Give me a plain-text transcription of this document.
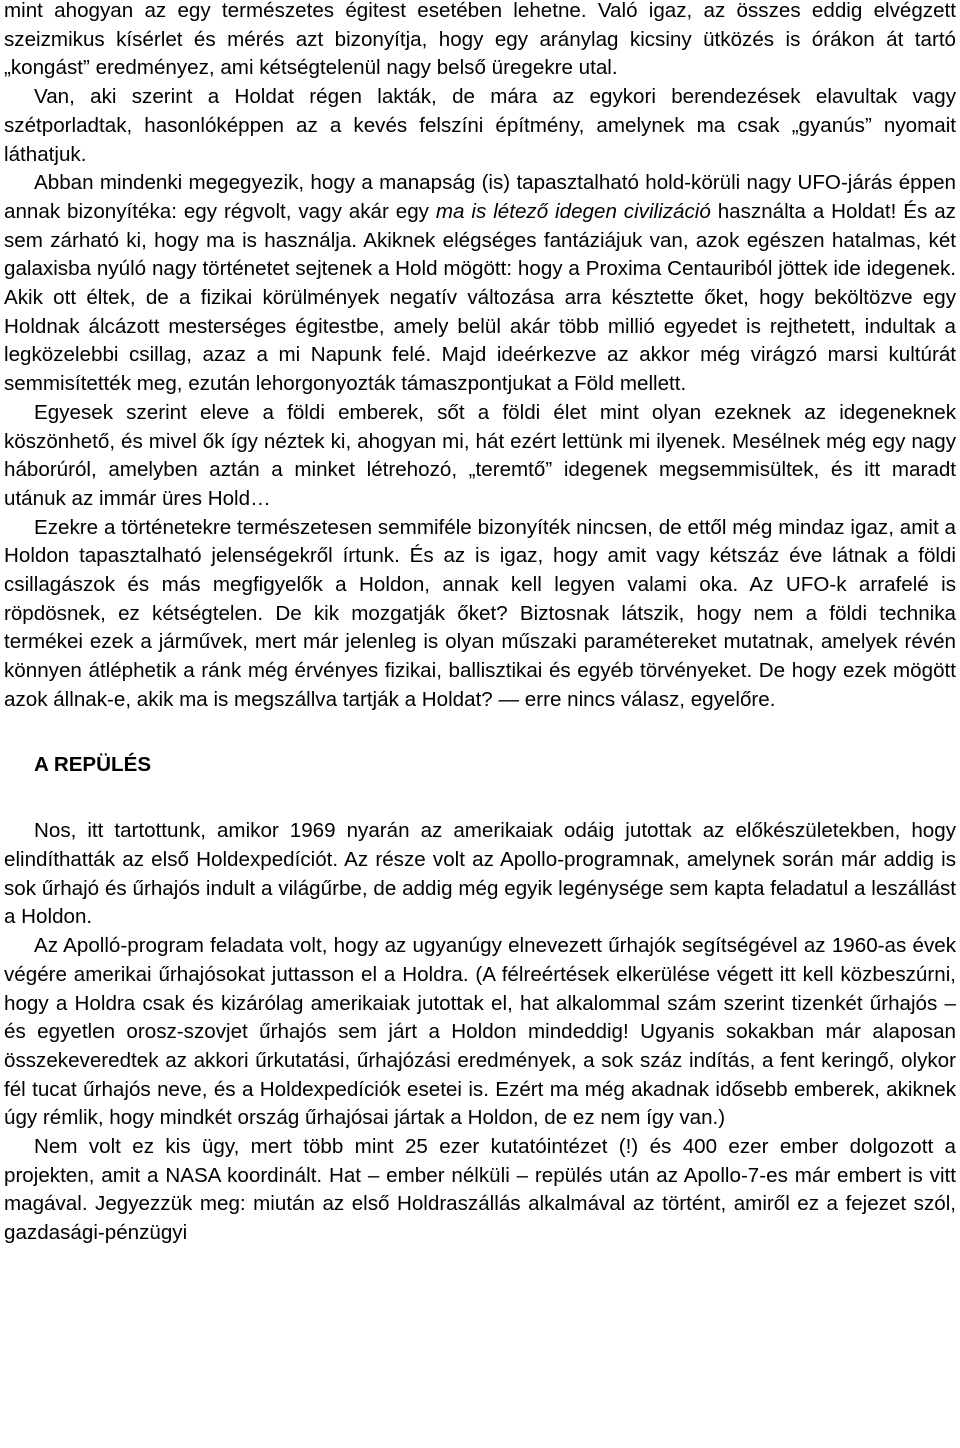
mint ahogyan az egy természetes égitest esetében lehetne. Való igaz, az összes eddig elvégzett szeizmikus kísérlet és mérés azt bizonyítja, hogy egy aránylag kicsiny ütközés is órákon át tartó „kongást” eredményez, ami kétségtelenül nagy belső üregekre utal.

Van, aki szerint a Holdat régen lakták, de mára az egykori berendezések elavultak vagy szétporladtak, hasonlóképpen az a kevés felszíni építmény, amelynek ma csak „gyanús” nyomait láthatjuk.

Abban mindenki megegyezik, hogy a manapság (is) tapasztalható hold-körüli nagy UFO-járás éppen annak bizonyítéka: egy régvolt, vagy akár egy ma is létező idegen civilizáció használta a Holdat! És az sem zárható ki, hogy ma is használja. Akiknek elégséges fantáziájuk van, azok egészen hatalmas, két galaxisba nyúló nagy történetet sejtenek a Hold mögött: hogy a Proxima Centauriból jöttek ide idegenek. Akik ott éltek, de a fizikai körülmények negatív változása arra késztette őket, hogy beköltözve egy Holdnak álcázott mesterséges égitestbe, amely belül akár több millió egyedet is rejthetett, indultak a legközelebbi csillag, azaz a mi Napunk felé. Majd ideérkezve az akkor még virágzó marsi kultúrát semmisítették meg, ezután lehorgonyozták támaszpontjukat a Föld mellett.

Egyesek szerint eleve a földi emberek, sőt a földi élet mint olyan ezeknek az idegeneknek köszönhető, és mivel ők így néztek ki, ahogyan mi, hát ezért lettünk mi ilyenek. Mesélnek még egy nagy háborúról, amelyben aztán a minket létrehozó, „teremtő” idegenek megsemmisültek, és itt maradt utánuk az immár üres Hold…

Ezekre a történetekre természetesen semmiféle bizonyíték nincsen, de ettől még mindaz igaz, amit a Holdon tapasztalható jelenségekről írtunk. És az is igaz, hogy amit vagy kétszáz éve látnak a földi csillagászok és más megfigyelők a Holdon, annak kell legyen valami oka. Az UFO-k arrafelé is röpdösnek, ez kétségtelen. De kik mozgatják őket? Biztosnak látszik, hogy nem a földi technika termékei ezek a járművek, mert már jelenleg is olyan műszaki paramétereket mutatnak, amelyek révén könnyen átléphetik a ránk még érvényes fizikai, ballisztikai és egyéb törvényeket. De hogy ezek mögött azok állnak-e, akik ma is megszállva tartják a Holdat? — erre nincs válasz, egyelőre.

A REPÜLÉS

Nos, itt tartottunk, amikor 1969 nyarán az amerikaiak odáig jutottak az előkészületekben, hogy elindíthatták az első Holdexpedíciót. Az része volt az Apollo-programnak, amelynek során már addig is sok űrhajó és űrhajós indult a világűrbe, de addig még egyik legénysége sem kapta feladatul a leszállást a Holdon.

Az Apolló-program feladata volt, hogy az ugyanúgy elnevezett űrhajók segítségével az 1960-as évek végére amerikai űrhajósokat juttasson el a Holdra. (A félreértések elkerülése végett itt kell közbeszúrni, hogy a Holdra csak és kizárólag amerikaiak jutottak el, hat alkalommal szám szerint tizenkét űrhajós – és egyetlen orosz-szovjet űrhajós sem járt a Holdon mindeddig! Ugyanis sokakban már alaposan összekeveredtek az akkori űrkutatási, űrhajózási eredmények, a sok száz indítás, a fent keringő, olykor fél tucat űrhajós neve, és a Holdexpedíciók esetei is. Ezért ma még akadnak idősebb emberek, akiknek úgy rémlik, hogy mindkét ország űrhajósai jártak a Holdon, de ez nem így van.)

Nem volt ez kis ügy, mert több mint 25 ezer kutatóintézet (!) és 400 ezer ember dolgozott a projekten, amit a NASA koordinált. Hat – ember nélküli – repülés után az Apollo-7-es már embert is vitt magával. Jegyezzük meg: miután az első Holdraszállás alkalmával az történt, amiről ez a fejezet szól, gazdasági-pénzügyi
